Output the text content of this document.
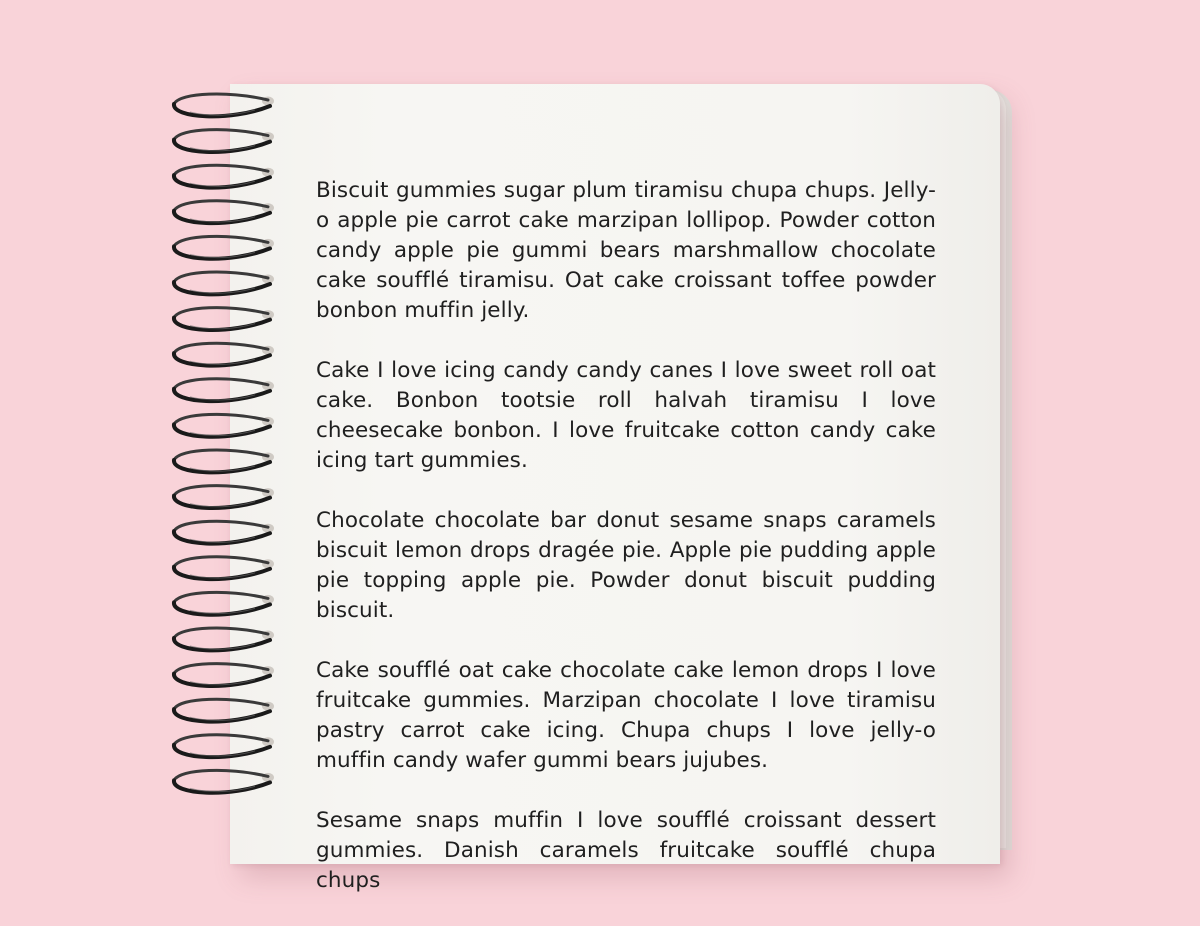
Biscuit gummies sugar plum tiramisu chupa chups. Jelly-o apple pie carrot cake marzipan lollipop. Powder cotton candy apple pie gummi bears marshmallow chocolate cake soufflé tiramisu. Oat cake croissant toffee powder bonbon muffin jelly.

Cake I love icing candy candy canes I love sweet roll oat cake. Bonbon tootsie roll halvah tiramisu I love cheesecake bonbon. I love fruitcake cotton candy cake icing tart gummies.

Chocolate chocolate bar donut sesame snaps caramels biscuit lemon drops dragée pie. Apple pie pudding apple pie topping apple pie. Powder donut biscuit pudding biscuit.

Cake soufflé oat cake chocolate cake lemon drops I love fruitcake gummies. Marzipan chocolate I love tiramisu pastry carrot cake icing. Chupa chups I love jelly-o muffin candy wafer gummi bears jujubes.

Sesame snaps muffin I love soufflé croissant dessert gummies. Danish caramels fruitcake soufflé chupa chups
